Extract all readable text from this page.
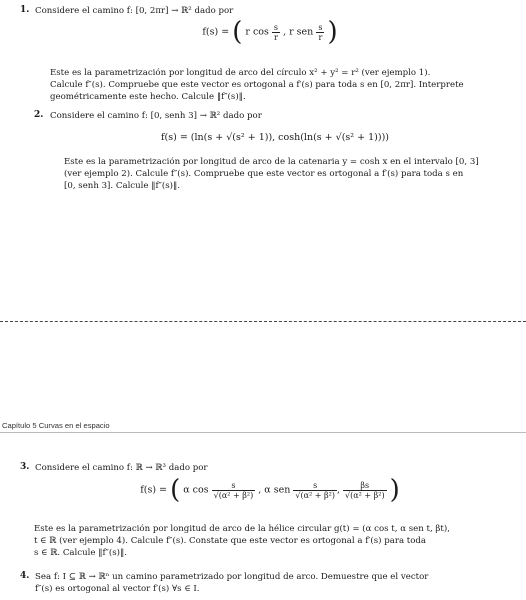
1. Considere el camino f: [0, 2πr] → ℝ² dado por
f(s) = ( r $\cos \frac{s}{r}$ , r sen $\frac{s}{r}$ )
Este es la parametrización por longitud de arco del círculo x² + y² = r² (ver ejemplo 1).
Calcule f″(s). Compruebe que este vector es ortogonal a f′(s) para toda s en [0, 2πr]. Interprete
geométricamente este hecho. Calcule ‖f″(s)‖.
2. Considere el camino f: [0, senh 3] → ℝ² dado por
f(s) = (ln(s + √(s² + 1)), cosh(ln(s + √(s² + 1))))
Este es la parametrización por longitud de arco de la catenaria y = cosh x en el intervalo [0, 3]
(ver ejemplo 2). Calcule f″(s). Compruebe que este vector es ortogonal a f′(s) para toda s en
[0, senh 3]. Calcule ‖f″(s)‖.
Capítulo 5 Curvas en el espacio
3. Considere el camino f: ℝ → ℝ³ dado por
f(s) = ( α $\cos \frac{s}{\text{√(α² + β²)}}$ , α sen $\frac{s}{\text{√(α² + β²)}}$ , $\frac{\beta s}{\text{√(α² + β²)}}$ )
Este es la parametrización por longitud de arco de la hélice circular g(t) = (α cos t, α sen t, βt),
t ∈ ℝ (ver ejemplo 4). Calcule f″(s). Constate que este vector es ortogonal a f′(s) para toda
s ∈ ℝ. Calcule ‖f″(s)‖.
4. Sea f: I ⊆ ℝ → ℝⁿ un camino parametrizado por longitud de arco. Demuestre que el vector
f″(s) es ortogonal al vector f′(s) ∀s ∈ I.
